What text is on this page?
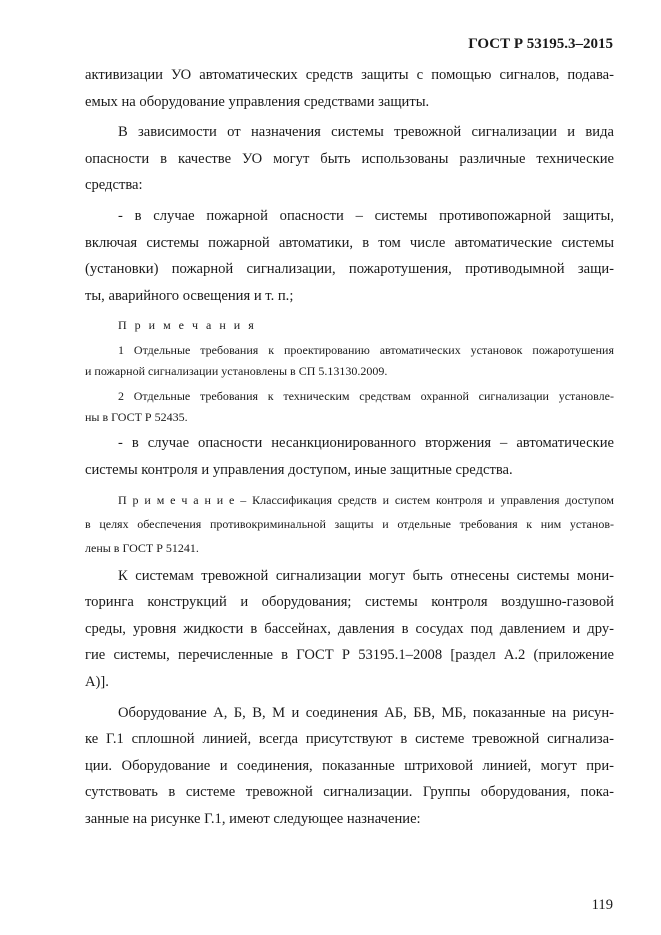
ГОСТ Р 53195.3–2015
активизации УО автоматических средств защиты с помощью сигналов, подава-
емых на оборудование управления средствами защиты.
В зависимости от назначения системы тревожной сигнализации и вида
опасности в качестве УО могут быть использованы различные технические
средства:
- в случае пожарной опасности – системы противопожарной защиты,
включая системы пожарной автоматики, в том числе автоматические системы
(установки) пожарной сигнализации, пожаротушения, противодымной защи-
ты, аварийного освещения и т. п.;
П р и м е ч а н и я
1 Отдельные требования к проектированию автоматических установок пожаротушения
и пожарной сигнализации установлены в СП 5.13130.2009.
2 Отдельные требования к техническим средствам охранной сигнализации установле-
ны в ГОСТ Р 52435.
- в случае опасности несанкционированного вторжения – автоматические
системы контроля и управления доступом, иные защитные средства.
П р и м е ч а н и е – Классификация средств и систем контроля и управления доступом
в целях обеспечения противокриминальной защиты и отдельные требования к ним установ-
лены в ГОСТ Р 51241.
К системам тревожной сигнализации могут быть отнесены системы мони-
торинга конструкций и оборудования; системы контроля воздушно-газовой
среды, уровня жидкости в бассейнах, давления в сосудах под давлением и дру-
гие системы, перечисленные в ГОСТ Р 53195.1–2008 [раздел А.2 (приложение
А)].
Оборудование А, Б, В, М и соединения АБ, БВ, МБ, показанные на рисун-
ке Г.1 сплошной линией, всегда присутствуют в системе тревожной сигнализа-
ции. Оборудование и соединения, показанные штриховой линией, могут при-
сутствовать в системе тревожной сигнализации. Группы оборудования, пока-
занные на рисунке Г.1, имеют следующее назначение:
119
